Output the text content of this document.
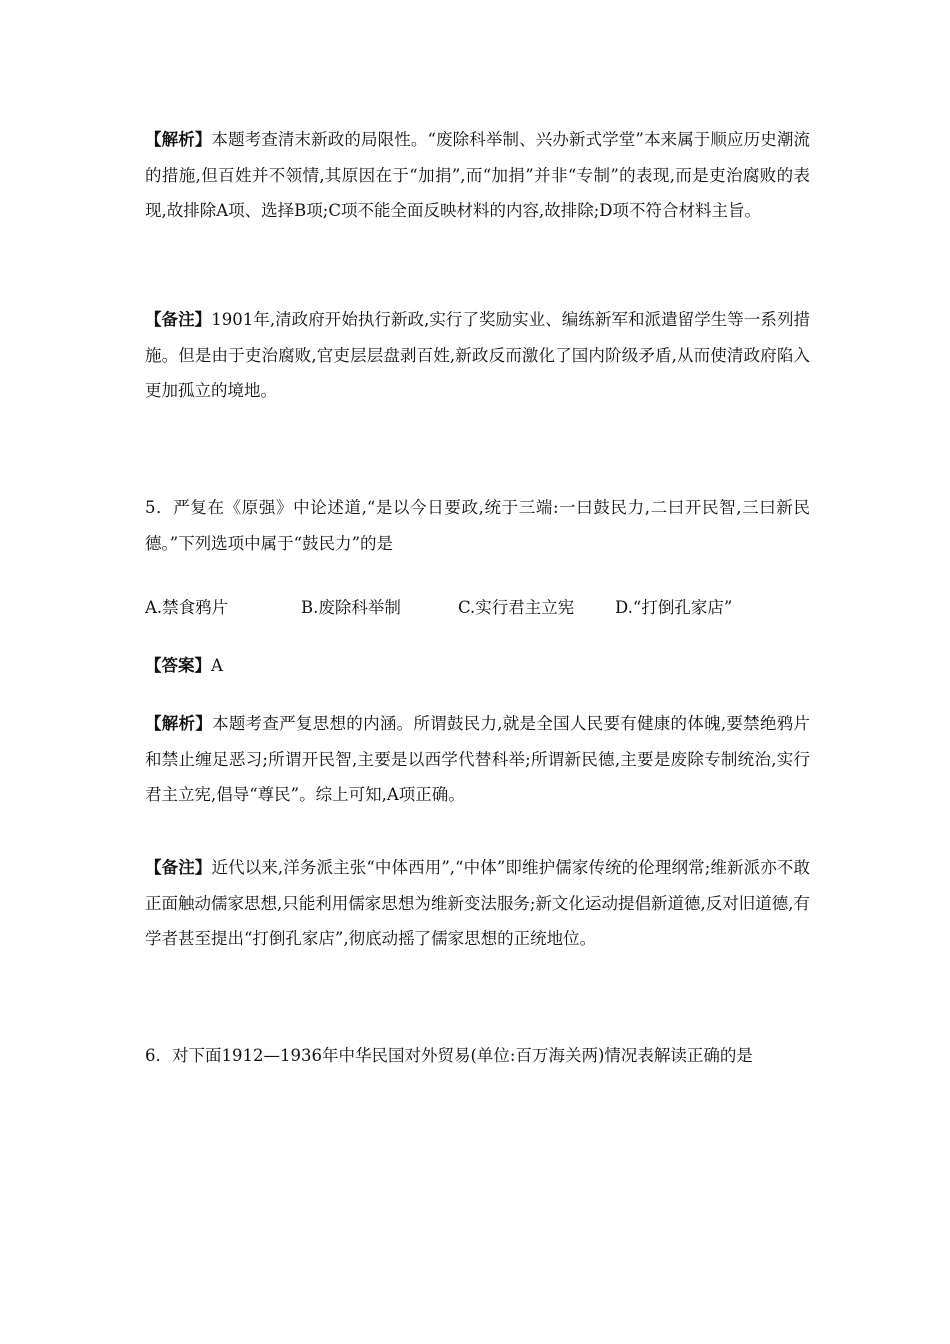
【解析】本题考查清末新政的局限性。“废除科举制、兴办新式学堂”本来属于顺应历史潮流的措施,但百姓并不领情,其原因在于“加捐”,而“加捐”并非“专制”的表现,而是吏治腐败的表现,故排除A项、选择B项;C项不能全面反映材料的内容,故排除;D项不符合材料主旨。

【备注】1901年,清政府开始执行新政,实行了奖励实业、编练新军和派遣留学生等一系列措施。但是由于吏治腐败,官吏层层盘剥百姓,新政反而激化了国内阶级矛盾,从而使清政府陷入更加孤立的境地。

5．严复在《原强》中论述道,“是以今日要政,统于三端:一曰鼓民力,二曰开民智,三曰新民德。”下列选项中属于“鼓民力”的是

A.禁食鸦片	B.废除科举制	C.实行君主立宪 D.“打倒孔家店”

【答案】A

【解析】本题考查严复思想的内涵。所谓鼓民力,就是全国人民要有健康的体魄,要禁绝鸦片和禁止缠足恶习;所谓开民智,主要是以西学代替科举;所谓新民德,主要是废除专制统治,实行君主立宪,倡导“尊民”。综上可知,A项正确。

【备注】近代以来,洋务派主张“中体西用”,“中体”即维护儒家传统的伦理纲常;维新派亦不敢正面触动儒家思想,只能利用儒家思想为维新变法服务;新文化运动提倡新道德,反对旧道德,有学者甚至提出“打倒孔家店”,彻底动摇了儒家思想的正统地位。

6．对下面1912—1936年中华民国对外贸易(单位:百万海关两)情况表解读正确的是
